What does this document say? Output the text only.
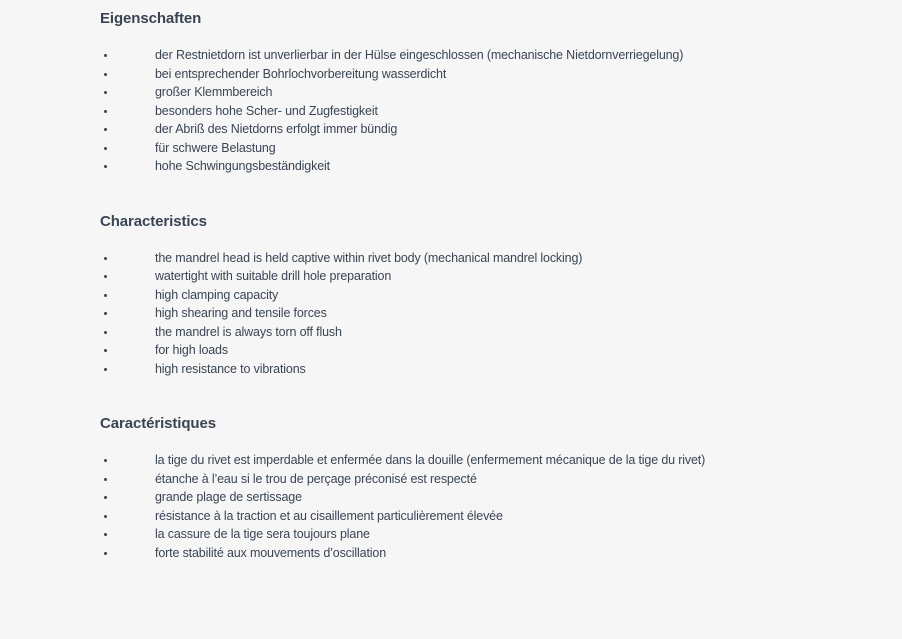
Eigenschaften
der Restnietdorn ist unverlierbar in der Hülse eingeschlossen (mechanische Nietdornverriegelung)
bei entsprechender Bohrlochvorbereitung wasserdicht
großer Klemmbereich
besonders hohe Scher- und Zugfestigkeit
der Abriß des Nietdorns erfolgt immer bündig
für schwere Belastung
hohe Schwingungsbeständigkeit
Characteristics
the mandrel head is held captive within rivet body (mechanical mandrel locking)
watertight with suitable drill hole preparation
high clamping capacity
high shearing and tensile forces
the mandrel is always torn off flush
for high loads
high resistance to vibrations
Caractéristiques
la tige du rivet est imperdable et enfermée dans la douille (enfermement mécanique de la tige du rivet)
étanche à l’eau si le trou de perçage préconisé est respecté
grande plage de sertissage
résistance à la traction et au cisaillement particulièrement élevée
la cassure de la tige sera toujours plane
forte stabilité aux mouvements d’oscillation
